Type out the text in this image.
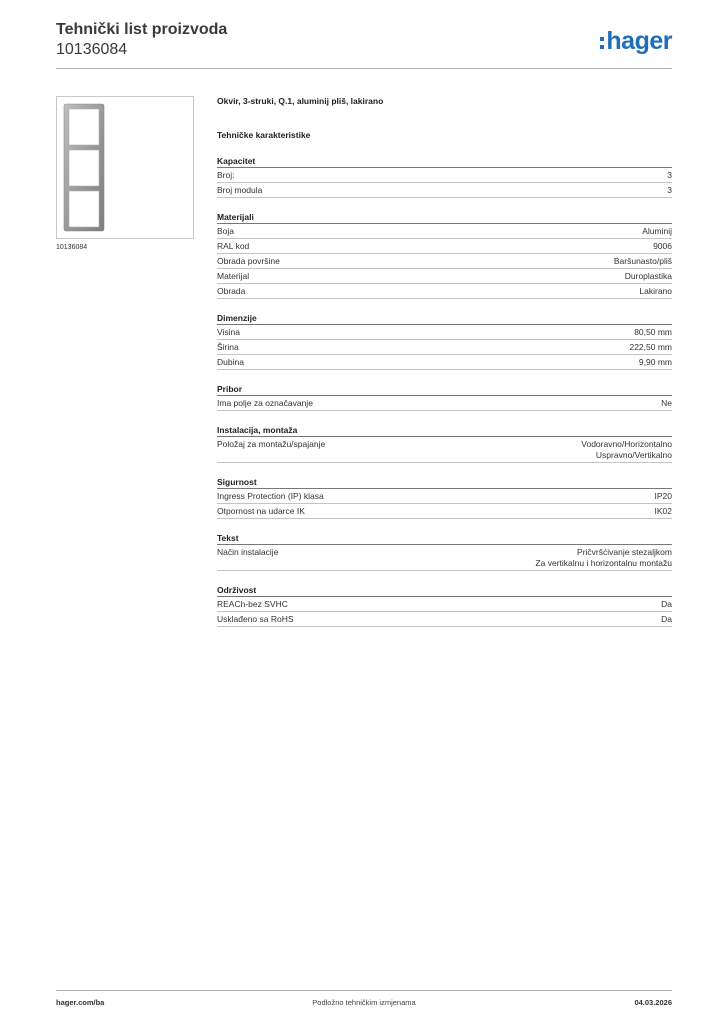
Tehnički list proizvoda
10136084	hager
10136084
Okvir, 3-struki, Q.1, aluminij pliš, lakirano
Tehničke karakteristike
Kapacitet
Broj:	3
Broj modula	3
Materijali
Boja	Aluminij
RAL kod	9006
Obrada površine	Baršunasto/pliš
Materijal	Duroplastika
Obrada	Lakirano
Dimenzije
Visina	80,50 mm
Širina	222,50 mm
Dubina	9,90 mm
Pribor
Ima polje za označavanje	Ne
Instalacija, montaža
Položaj za montažu/spajanje	Vodoravno/Horizontalno
Uspravno/Vertikalno
Sigurnost
Ingress Protection (IP) klasa	IP20
Otpornost na udarce IK	IK02
Tekst
Način instalacije	Pričvršćivanje stezaljkom
Za vertikalnu i horizontalnu montažu
Održivost
REACh-bez SVHC	Da
Usklađeno sa RoHS	Da
hager.com/ba	Podložno tehničkim izmjenama	04.03.2026
